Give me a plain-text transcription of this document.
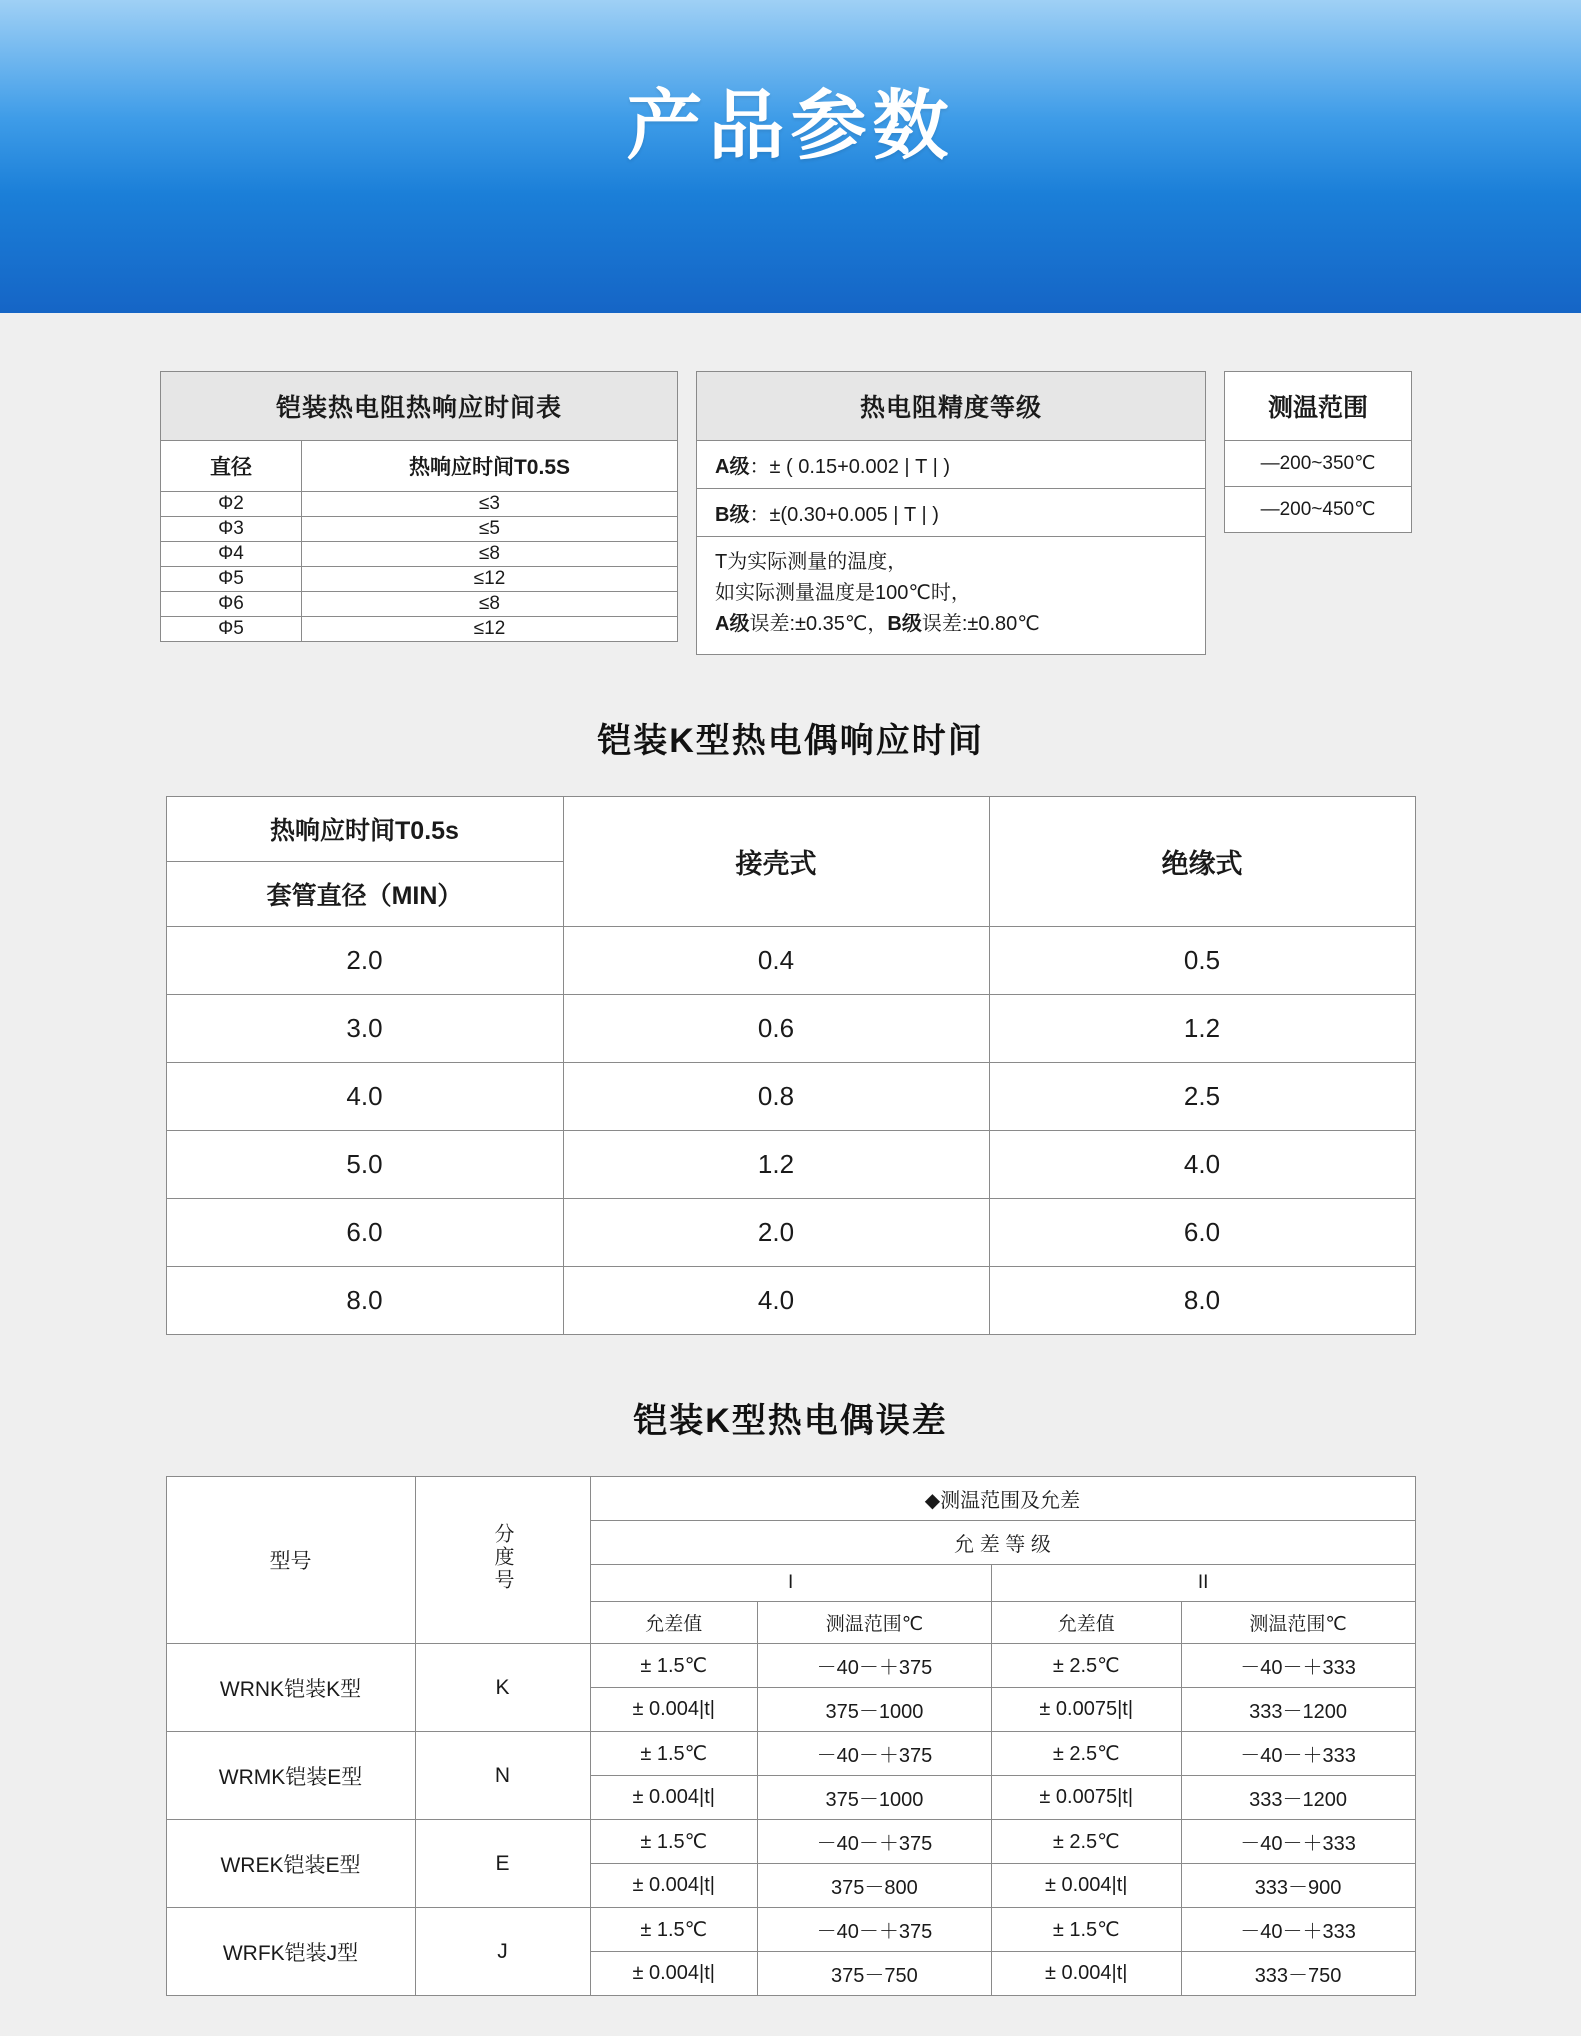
产品参数
铠装热电阻热响应时间表	
直径	热响应时间T0.5S
Φ2	≤3
Φ3	≤5
Φ4	≤8
Φ5	≤12
Φ6	≤8
Φ5	≤12
热电阻精度等级
A级：± ( 0.15+0.002 | T | )
B级：±(0.30+0.005 | T | )

T为实际测量的温度，
如实际测量温度是100℃时，
A级误差:±0.35℃，B级误差:±0.80℃
测温范围
—200~350℃
—200~450℃
铠装K型热电偶响应时间
热响应时间T0.5s	接壳式	绝缘式
套管直径（MIN）		
2.0	0.4	0.5
3.0	0.6	1.2
4.0	0.8	2.5
5.0	1.2	4.0
6.0	2.0	6.0
8.0	4.0	8.0
铠装K型热电偶误差
型号	分度号	◆测温范围及允差			
		允 差 等 级			
		I		II	
		允差值	测温范围℃	允差值	测温范围℃
WRNK铠装K型	K	± 1.5℃	－40－＋375	± 2.5℃	－40－＋333
		± 0.004|t|	375－1000	± 0.0075|t|	333－1200
WRMK铠装E型	N	± 1.5℃	－40－＋375	± 2.5℃	－40－＋333
		± 0.004|t|	375－1000	± 0.0075|t|	333－1200
WREK铠装E型	E	± 1.5℃	－40－＋375	± 2.5℃	－40－＋333
		± 0.004|t|	375－800	± 0.004|t|	333－900
WRFK铠装J型	J	± 1.5℃	－40－＋375	± 1.5℃	－40－＋333
		± 0.004|t|	375－750	± 0.004|t|	333－750
